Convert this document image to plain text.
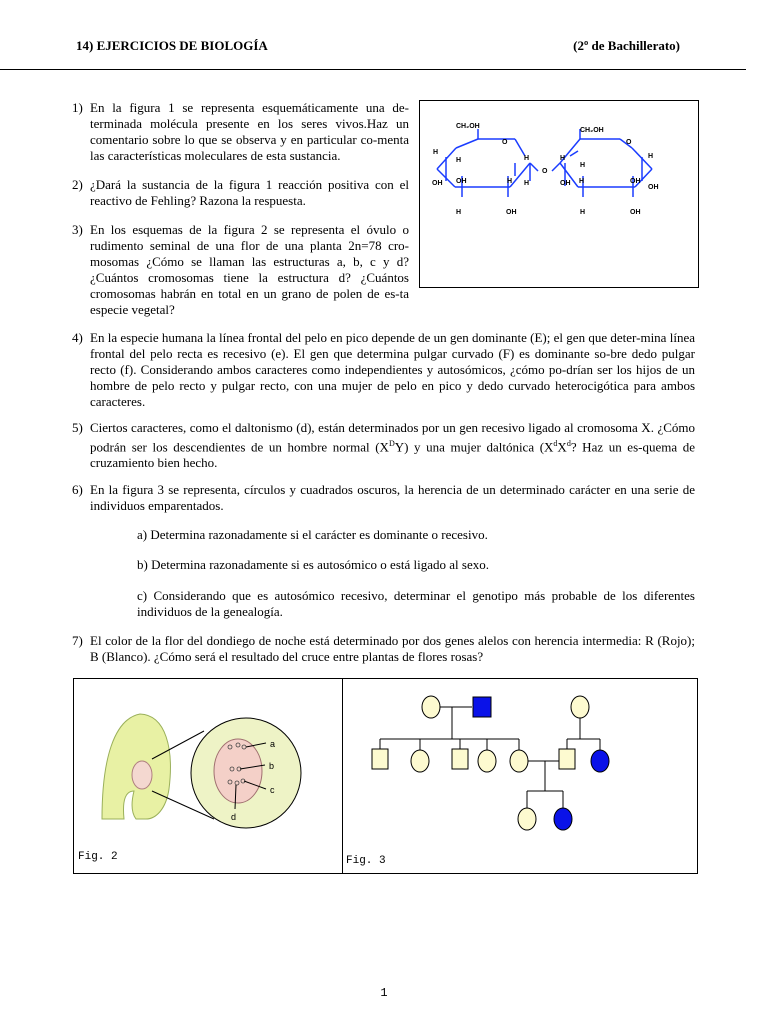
14) EJERCICIOS DE BIOLOGÍA	(2º de Bachillerato)
1) En la figura 1 se representa esquemáticamente una de-terminada molécula presente en los seres vivos.Haz un comentario sobre lo que se observa y en particular co-menta las características moleculares de esta sustancia.
2) ¿Dará la sustancia de la figura 1 reacción positiva con el reactivo de Fehling? Razona la respuesta.
3) En los esquemas de la figura 2 se representa el óvulo o rudimento seminal de una flor de una planta 2n=78 cro-mosomas ¿Cómo se llaman las estructuras a, b, c y d? ¿Cuántos cromosomas tiene la estructura d? ¿Cuántos cromosomas habrán en total en un grano de polen de es-ta especie vegetal?
CH₂OH
CH₂OH
O	O
O
H
H
OH OH	H
H
H
H	OH
H
OH
H
H	OH
H
OH
H	OH
4) En la especie humana la línea frontal del pelo en pico depende de un gen dominante (E); el gen que deter-mina línea frontal del pelo recta es recesivo (e). El gen que determina pulgar curvado (F) es dominante so-bre dedo pulgar recto (f). Considerando ambos caracteres como independientes y autosómicos, ¿cómo po-drían ser los hijos de un hombre de pelo recto y pulgar recto, con una mujer de pelo en pico y dedo curvado heterocigótica para ambos caracteres.
5) Ciertos caracteres, como el daltonismo (d), están determinados por un gen recesivo ligado al cromosoma X. ¿Cómo podrán ser los descendientes de un hombre normal $(X^DY)$ y una mujer daltónica ($X^dX^d$? Haz un es-quema de cruzamiento bien hecho.
6) En la figura 3 se representa, círculos y cuadrados oscuros, la herencia de un determinado carácter en una serie de individuos emparentados.
a) Determina razonadamente si el carácter es dominante o recesivo.
b) Determina razonadamente si es autosómico o está ligado al sexo.
c) Considerando que es autosómico recesivo, determinar el genotipo más probable de los diferentes individuos de la genealogía.
7) El color de la flor del dondiego de noche está determinado por dos genes alelos con herencia intermedia: R (Rojo); B (Blanco). ¿Cómo será el resultado del cruce entre plantas de flores rosas?
a
b
c
d
Fig. 2	Fig. 3
1
